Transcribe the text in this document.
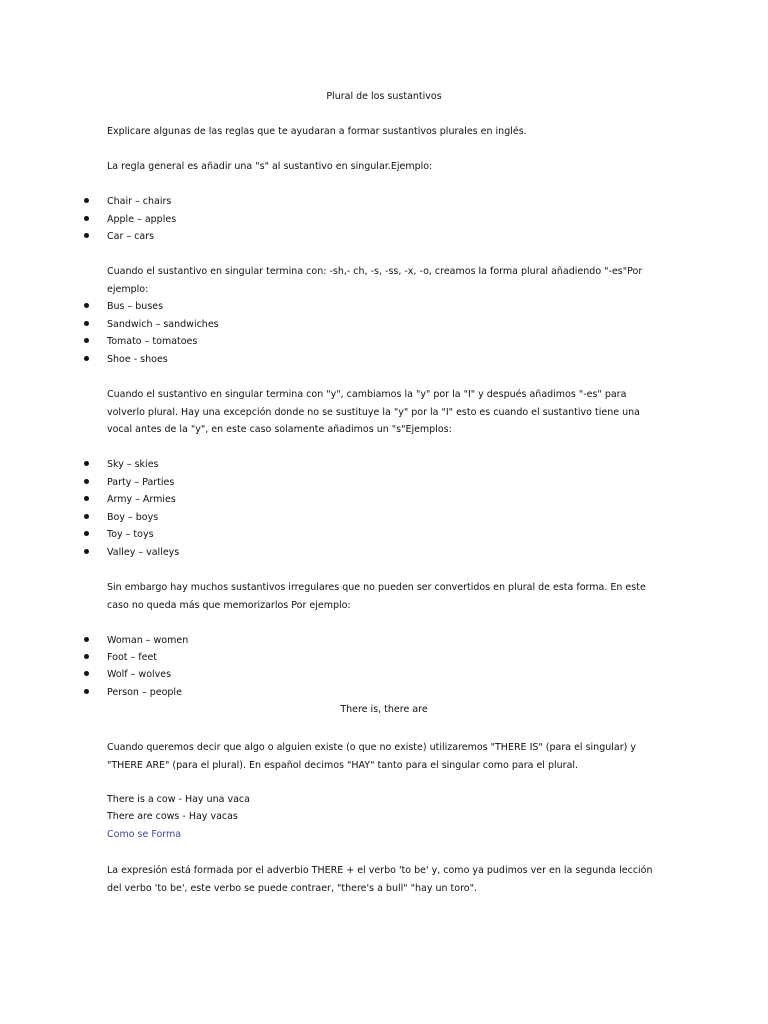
Plural de los sustantivos
Explicare algunas de las reglas que te ayudaran a formar sustantivos plurales en inglés.
La regla general es añadir una "s" al sustantivo en singular.Ejemplo:
Chair – chairs
Apple – apples
Car – cars
Cuando el sustantivo en singular termina con: -sh,- ch, -s, -ss, -x, -o, creamos la forma plural añadiendo "-es"Por ejemplo:
Bus – buses
Sandwich – sandwiches
Tomato – tomatoes
Shoe - shoes
Cuando el sustantivo en singular termina con "y", cambiamos la "y" por la "I" y después añadimos "-es" para volverlo plural. Hay una excepción donde no se sustituye la "y" por la "I" esto es cuando el sustantivo tiene una vocal antes de la "y", en este caso solamente añadimos un "s"Ejemplos:
Sky – skies
Party – Parties
Army – Armies
Boy – boys
Toy – toys
Valley – valleys
Sin embargo hay muchos sustantivos irregulares que no pueden ser convertidos en plural de esta forma. En este caso no queda más que memorizarlos Por ejemplo:
Woman – women
Foot – feet
Wolf – wolves
Person – people
There is, there are
Cuando queremos decir que algo o alguien existe (o que no existe) utilizaremos "THERE IS" (para el singular) y "THERE ARE" (para el plural). En español decimos "HAY" tanto para el singular como para el plural.
There is a cow - Hay una vaca
There are cows - Hay vacas
Como se Forma
La expresión está formada por el adverbio THERE + el verbo 'to be' y, como ya pudimos ver en la segunda lección del verbo 'to be', este verbo se puede contraer, "there's a bull" "hay un toro".
